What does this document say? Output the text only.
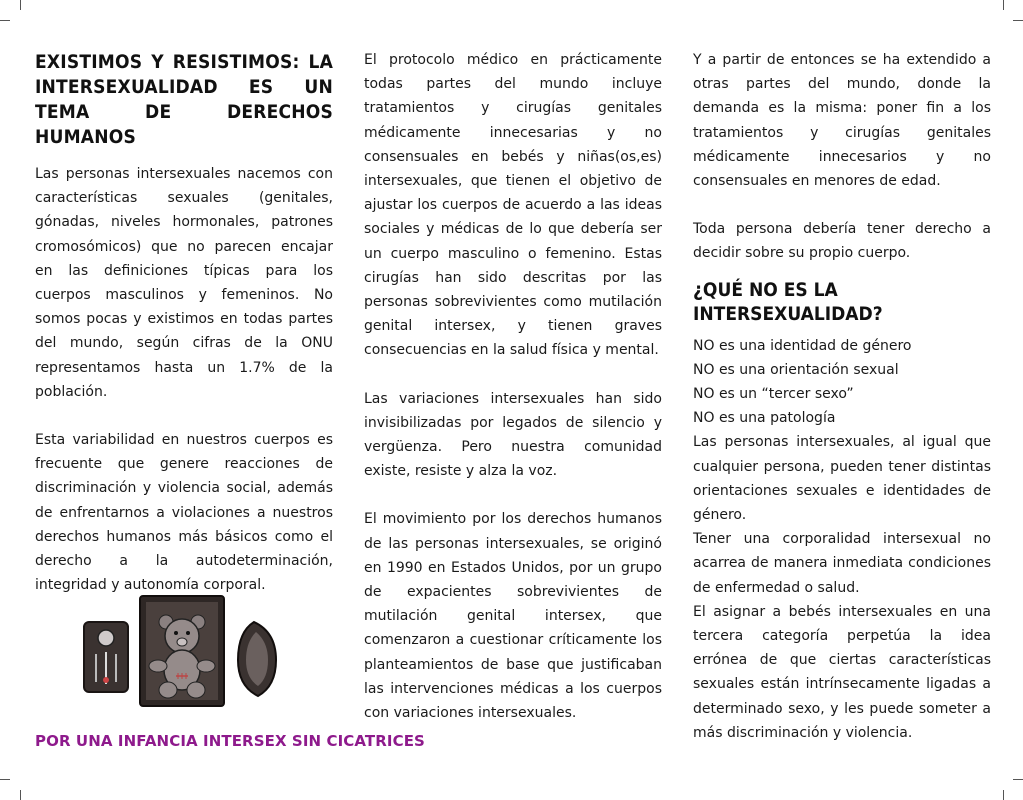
EXISTIMOS Y RESISTIMOS: LA INTERSEXUALIDAD ES UN TEMA DE DERECHOS HUMANOS

Las personas intersexuales nacemos con características sexuales (genitales, gónadas, niveles hormonales, patrones cromosómicos) que no parecen encajar en las definiciones típicas para los cuerpos masculinos y femeninos. No somos pocas y existimos en todas partes del mundo, según cifras de la ONU representamos hasta un 1.7% de la población.

Esta variabilidad en nuestros cuerpos es frecuente que genere reacciones de discriminación y violencia social, además de enfrentarnos a violaciones a nuestros derechos humanos más básicos como el derecho a la autodeterminación, integridad y autonomía corporal.

POR UNA INFANCIA INTERSEX SIN CICATRICES

El protocolo médico en prácticamente todas partes del mundo incluye tratamientos y cirugías genitales médicamente innecesarias y no consensuales en bebés y niñas(os,es) intersexuales, que tienen el objetivo de ajustar los cuerpos de acuerdo a las ideas sociales y médicas de lo que debería ser un cuerpo masculino o femenino. Estas cirugías han sido descritas por las personas sobrevivientes como mutilación genital intersex, y tienen graves consecuencias en la salud física y mental.

Las variaciones intersexuales han sido invisibilizadas por legados de silencio y vergüenza. Pero nuestra comunidad existe, resiste y alza la voz.

El movimiento por los derechos humanos de las personas intersexuales, se originó en 1990 en Estados Unidos, por un grupo de expacientes sobrevivientes de mutilación genital intersex, que comenzaron a cuestionar críticamente los planteamientos de base que justificaban las intervenciones médicas a los cuerpos con variaciones intersexuales.

Y a partir de entonces se ha extendido a otras partes del mundo, donde la demanda es la misma: poner fin a los tratamientos y cirugías genitales médicamente innecesarios y no consensuales en menores de edad.

Toda persona debería tener derecho a decidir sobre su propio cuerpo.

¿QUÉ NO ES LA INTERSEXUALIDAD?
NO es una identidad de género
NO es una orientación sexual
NO es un “tercer sexo”
NO es una patología
Las personas intersexuales, al igual que cualquier persona, pueden tener distintas orientaciones sexuales e identidades de género.
Tener una corporalidad intersexual no acarrea de manera inmediata condiciones de enfermedad o salud.
El asignar a bebés intersexuales en una tercera categoría perpetúa la idea errónea de que ciertas características sexuales están intrínsecamente ligadas a determinado sexo, y les puede someter a más discriminación y violencia.
